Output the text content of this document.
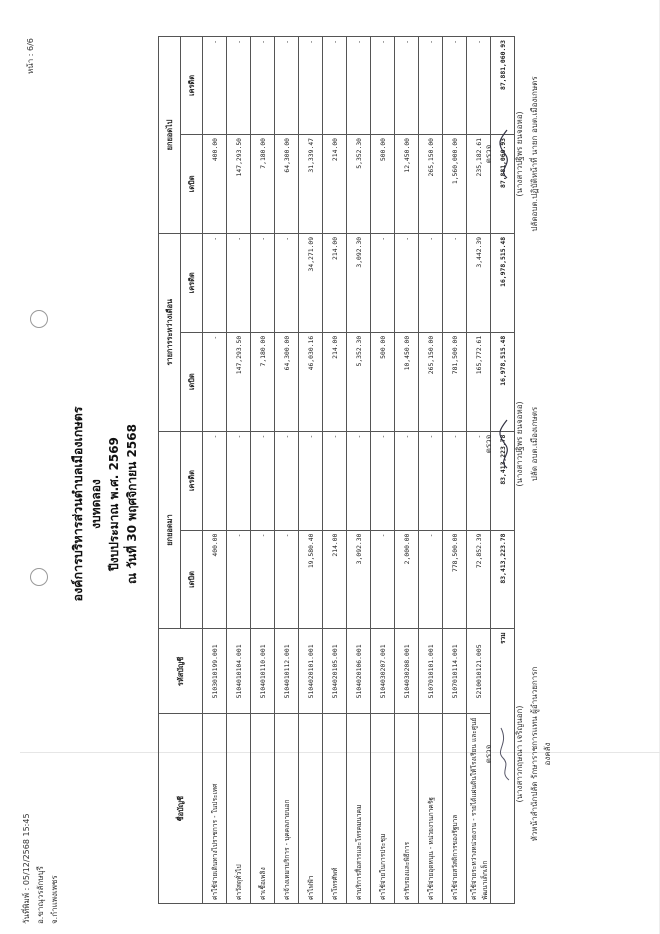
วันที่พิมพ์ : 05/12/2568 15:45 อ.ขาณุวรลักษบุรี จ.กำแพงเพชร
หน้า : 6/6
องค์การบริหารส่วนตำบลเมืองเกษตร งบทดลอง ปีงบประมาณ พ.ศ. 2569 ณ วันที่ 30 พฤศจิกายน 2568
ชื่อบัญชี	รหัสบัญชี	ยกยอดมา		รายการระหว่างเดือน		ยกยอดไป	
		เดบิต	เครดิต	เดบิต	เครดิต	เดบิต	เครดิต
ค่าใช้จ่ายเดินทางไปราชการ - ในประเทศ	5103010199.001	400.00	-	-	-	400.00	-
ค่าวัสดุทั่วไป	5104010104.001	-	-	147,293.50	-	147,293.50	-
ค่าเชื้อเพลิง	5104010110.001	-	-	7,180.00	-	7,180.00	-
ค่าจ้างเหมาบริการ - บุคคลภายนอก	5104010112.001	-	-	64,300.00	-	64,300.00	-
ค่าไฟฟ้า	5104020101.001	19,580.40	-	46,030.16	34,271.09	31,339.47	-
ค่าโทรศัพท์	5104020105.001	214.00	-	214.00	214.00	214.00	-
ค่าบริการสื่อสารและโทรคมนาคม	5104020106.001	3,092.30	-	5,352.30	3,092.30	5,352.30	-
ค่าใช้จ่ายในการประชุม	5104030207.001	-	-	500.00	-	500.00	-
ค่ารับรองและพิธีการ	5104030208.001	2,000.00	-	10,450.00	-	12,450.00	-
ค่าใช้จ่ายอุดหนุน - หน่วยงานภาครัฐ	5107010101.001	-	-	265,150.00	-	265,150.00	-
ค่าใช้จ่ายสวัสดิการของรัฐบาล	5107010114.001	778,500.00	-	781,500.00	-	1,560,000.00	-
ค่าใช้จ่ายระหว่างหน่วยงาน - รายได้แผ่นดินให้โรงเรียน และศูนย์พัฒนาเด็กเล็ก	5210010121.005	72,852.39	-	165,772.61	3,442.39	235,182.61	-
รวม		83,413,223.78	83,413,223.78	16,978,515.48	16,978,515.48	87,881,060.93	87,881,060.93
ตรวจ	(นางสาวกฤษณา เจริญนอก) หัวหน้าสำนักปลัด รักษาราชการแทน ผู้อำนวยการกองคลัง
ตรวจ	(นางสาวปฐิพร ยนจอหอ) ปลัด อบต.เมืองเกษตร
ตรวจ	(นางสาวปฐิพร ยนจอหอ) ปลัดอบต.ปฏิบัติหน้าที่ นายก อบต.เมืองเกษตร
